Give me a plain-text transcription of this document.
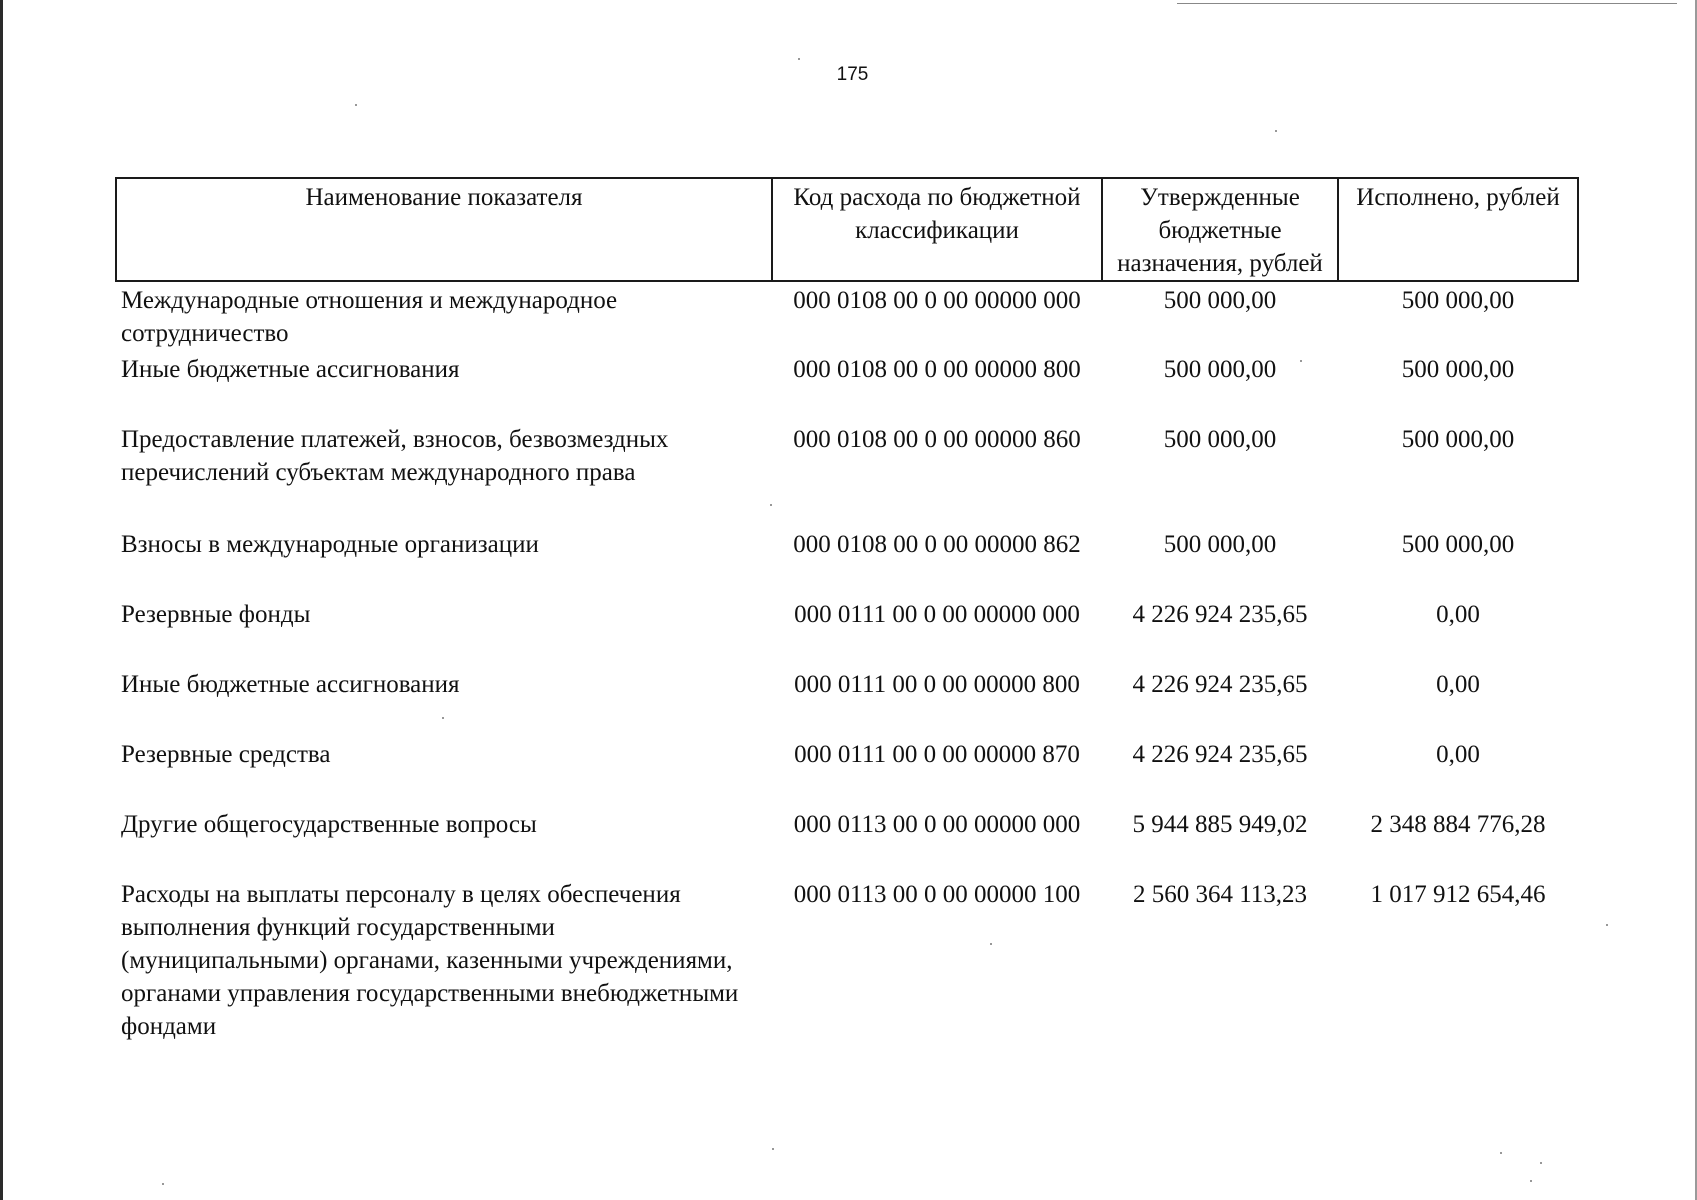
175
Наименование показателя	Код расхода по бюджетной классификации	Утвержденные бюджетные назначения, рублей	Исполнено, рублей
Международные отношения и международное сотрудничество	000 0108 00 0 00 00000 000	500 000,00	500 000,00
Иные бюджетные ассигнования	000 0108 00 0 00 00000 800	500 000,00	500 000,00
Предоставление платежей, взносов, безвозмездных перечислений субъектам международного права	000 0108 00 0 00 00000 860	500 000,00	500 000,00
Взносы в международные организации	000 0108 00 0 00 00000 862	500 000,00	500 000,00
Резервные фонды	000 0111 00 0 00 00000 000	4 226 924 235,65	0,00
Иные бюджетные ассигнования	000 0111 00 0 00 00000 800	4 226 924 235,65	0,00
Резервные средства	000 0111 00 0 00 00000 870	4 226 924 235,65	0,00
Другие общегосударственные вопросы	000 0113 00 0 00 00000 000	5 944 885 949,02	2 348 884 776,28
Расходы на выплаты персоналу в целях обеспечения выполнения функций государственными (муниципальными) органами, казенными учреждениями, органами управления государственными внебюджетными фондами	000 0113 00 0 00 00000 100	2 560 364 113,23	1 017 912 654,46
